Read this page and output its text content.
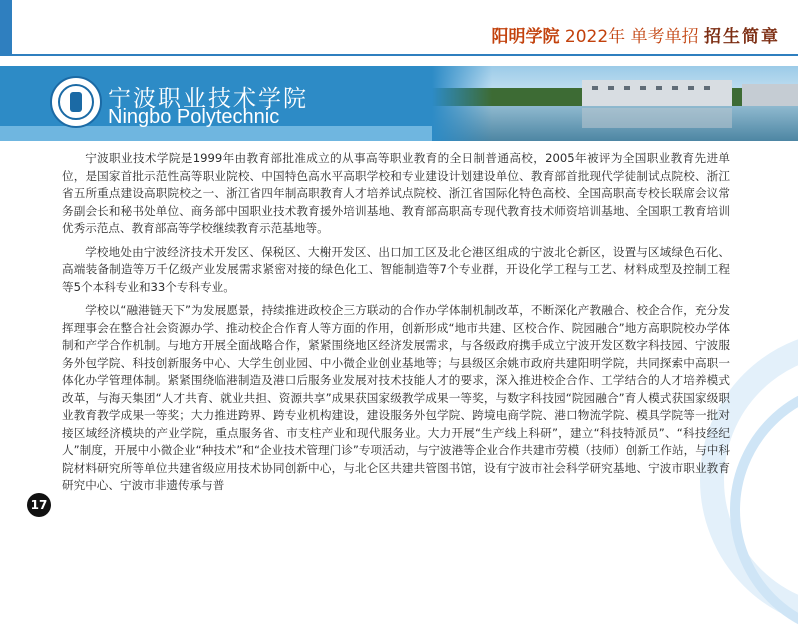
阳明学院 2022年 单考单招 招生简章
宁波职业技术学院
Ningbo Polytechnic

宁波职业技术学院是1999年由教育部批准成立的从事高等职业教育的全日制普通高校，2005年被评为全国职业教育先进单位，是国家首批示范性高等职业院校、中国特色高水平高职学校和专业建设计划建设单位、教育部首批现代学徒制试点院校、浙江省五所重点建设高职院校之一、浙江省四年制高职教育人才培养试点院校、浙江省国际化特色高校、全国高职高专校长联席会议常务副会长和秘书处单位、商务部中国职业技术教育援外培训基地、教育部高职高专现代教育技术师资培训基地、全国职工教育培训优秀示范点、教育部高等学校继续教育示范基地等。

学校地处由宁波经济技术开发区、保税区、大榭开发区、出口加工区及北仑港区组成的宁波北仑新区，设置与区域绿色石化、高端装备制造等万千亿级产业发展需求紧密对接的绿色化工、智能制造等7个专业群，开设化学工程与工艺、材料成型及控制工程等5个本科专业和33个专科专业。

学校以“融港链天下”为发展愿景，持续推进政校企三方联动的合作办学体制机制改革，不断深化产教融合、校企合作，充分发挥理事会在整合社会资源办学、推动校企合作育人等方面的作用，创新形成“地市共建、区校合作、院园融合”地方高职院校办学体制和产学合作机制。与地方开展全面战略合作，紧紧围绕地区经济发展需求，与各级政府携手成立宁波开发区数字科技园、宁波服务外包学院、科技创新服务中心、大学生创业园、中小微企业创业基地等；与县级区余姚市政府共建阳明学院，共同探索中高职一体化办学管理体制。紧紧围绕临港制造及港口后服务业发展对技术技能人才的要求，深入推进校企合作、工学结合的人才培养模式改革，与海天集团“人才共育、就业共担、资源共享”成果获国家级教学成果一等奖，与数字科技园“院园融合”育人模式获国家级职业教育教学成果一等奖；大力推进跨界、跨专业机构建设，建设服务外包学院、跨境电商学院、港口物流学院、模具学院等一批对接区域经济模块的产业学院，重点服务省、市支柱产业和现代服务业。大力开展“生产线上科研”，建立“科技特派员”、“科技经纪人”制度，开展中小微企业“种技术”和“企业技术管理门诊”专项活动，与宁波港等企业合作共建市劳模（技师）创新工作站，与中科院材料研究所等单位共建省级应用技术协同创新中心，与北仑区共建共管图书馆，设有宁波市社会科学研究基地、宁波市职业教育研究中心、宁波市非遗传承与普

17
